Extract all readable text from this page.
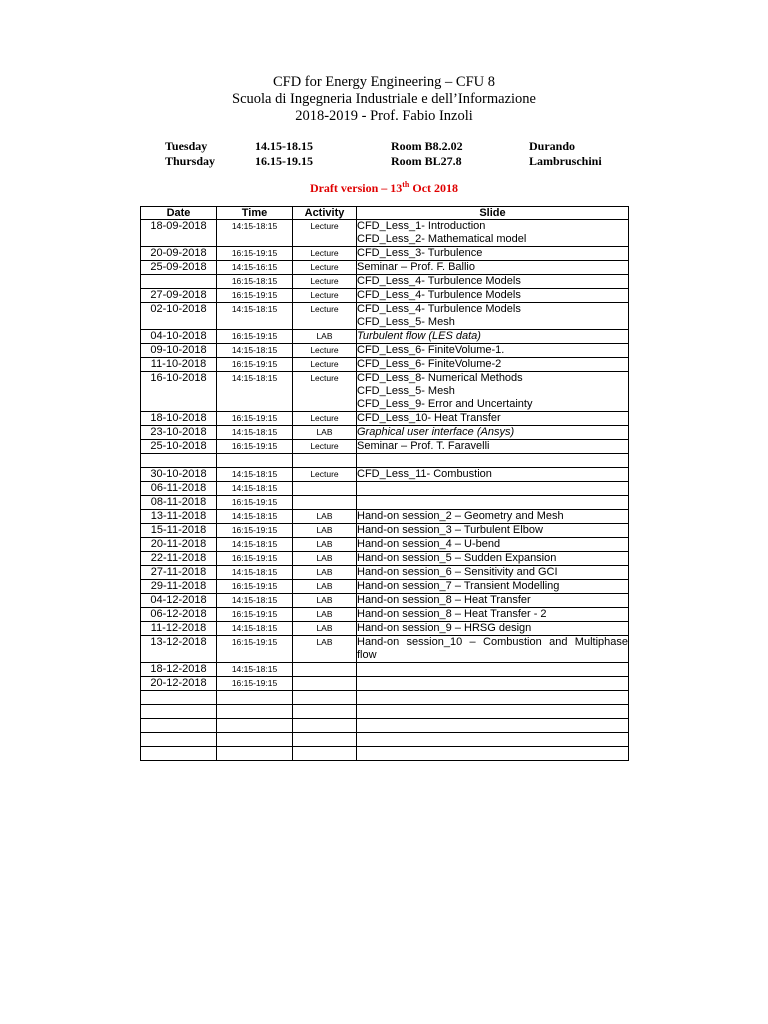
CFD for Energy Engineering – CFU 8
Scuola di Ingegneria Industriale e dell’Informazione
2018-2019 - Prof. Fabio Inzoli
Tuesday	14.15-18.15	Room B8.2.02	Durando
Thursday	16.15-19.15	Room BL27.8	Lambruschini
Draft version – 13th Oct 2018
Date	Time	Activity	Slide
18-09-2018	14:15-18:15	Lecture	CFD_Less_1- Introduction
CFD_Less_2- Mathematical model

20-09-2018	16:15-19:15	Lecture	CFD_Less_3- Turbulence

25-09-2018	14:15-16:15	Lecture	Seminar – Prof. F. Ballio

	16:15-18:15	Lecture	CFD_Less_4- Turbulence Models

27-09-2018	16:15-19:15	Lecture	CFD_Less_4- Turbulence Models

02-10-2018	14:15-18:15	Lecture	CFD_Less_4- Turbulence Models
CFD_Less_5- Mesh

04-10-2018	16:15-19:15	LAB	Turbulent flow (LES data)

09-10-2018	14:15-18:15	Lecture	CFD_Less_6- FiniteVolume-1.

11-10-2018	16:15-19:15	Lecture	CFD_Less_6- FiniteVolume-2

16-10-2018	14:15-18:15	Lecture	CFD_Less_8- Numerical Methods
CFD_Less_5- Mesh
CFD_Less_9- Error and Uncertainty

18-10-2018	16:15-19:15	Lecture	CFD_Less_10- Heat Transfer

23-10-2018	14:15-18:15	LAB	Graphical user interface (Ansys)

25-10-2018	16:15-19:15	Lecture	Seminar – Prof. T. Faravelli

30-10-2018	14:15-18:15	Lecture	CFD_Less_11- Combustion

06-11-2018	14:15-18:15		

08-11-2018	16:15-19:15		

13-11-2018	14:15-18:15	LAB	Hand-on session_2 – Geometry and Mesh

15-11-2018	16:15-19:15	LAB	Hand-on session_3 – Turbulent Elbow

20-11-2018	14:15-18:15	LAB	Hand-on session_4 – U-bend

22-11-2018	16:15-19:15	LAB	Hand-on session_5 – Sudden Expansion

27-11-2018	14:15-18:15	LAB	Hand-on session_6 – Sensitivity and GCI

29-11-2018	16:15-19:15	LAB	Hand-on session_7 – Transient Modelling

04-12-2018	14:15-18:15	LAB	Hand-on session_8 – Heat Transfer

06-12-2018	16:15-19:15	LAB	Hand-on session_8 – Heat Transfer - 2

11-12-2018	14:15-18:15	LAB	Hand-on session_9 – HRSG design

13-12-2018	16:15-19:15	LAB	Hand-on session_10 – Combustion and Multiphase flow

18-12-2018	14:15-18:15		

20-12-2018	16:15-19:15		
